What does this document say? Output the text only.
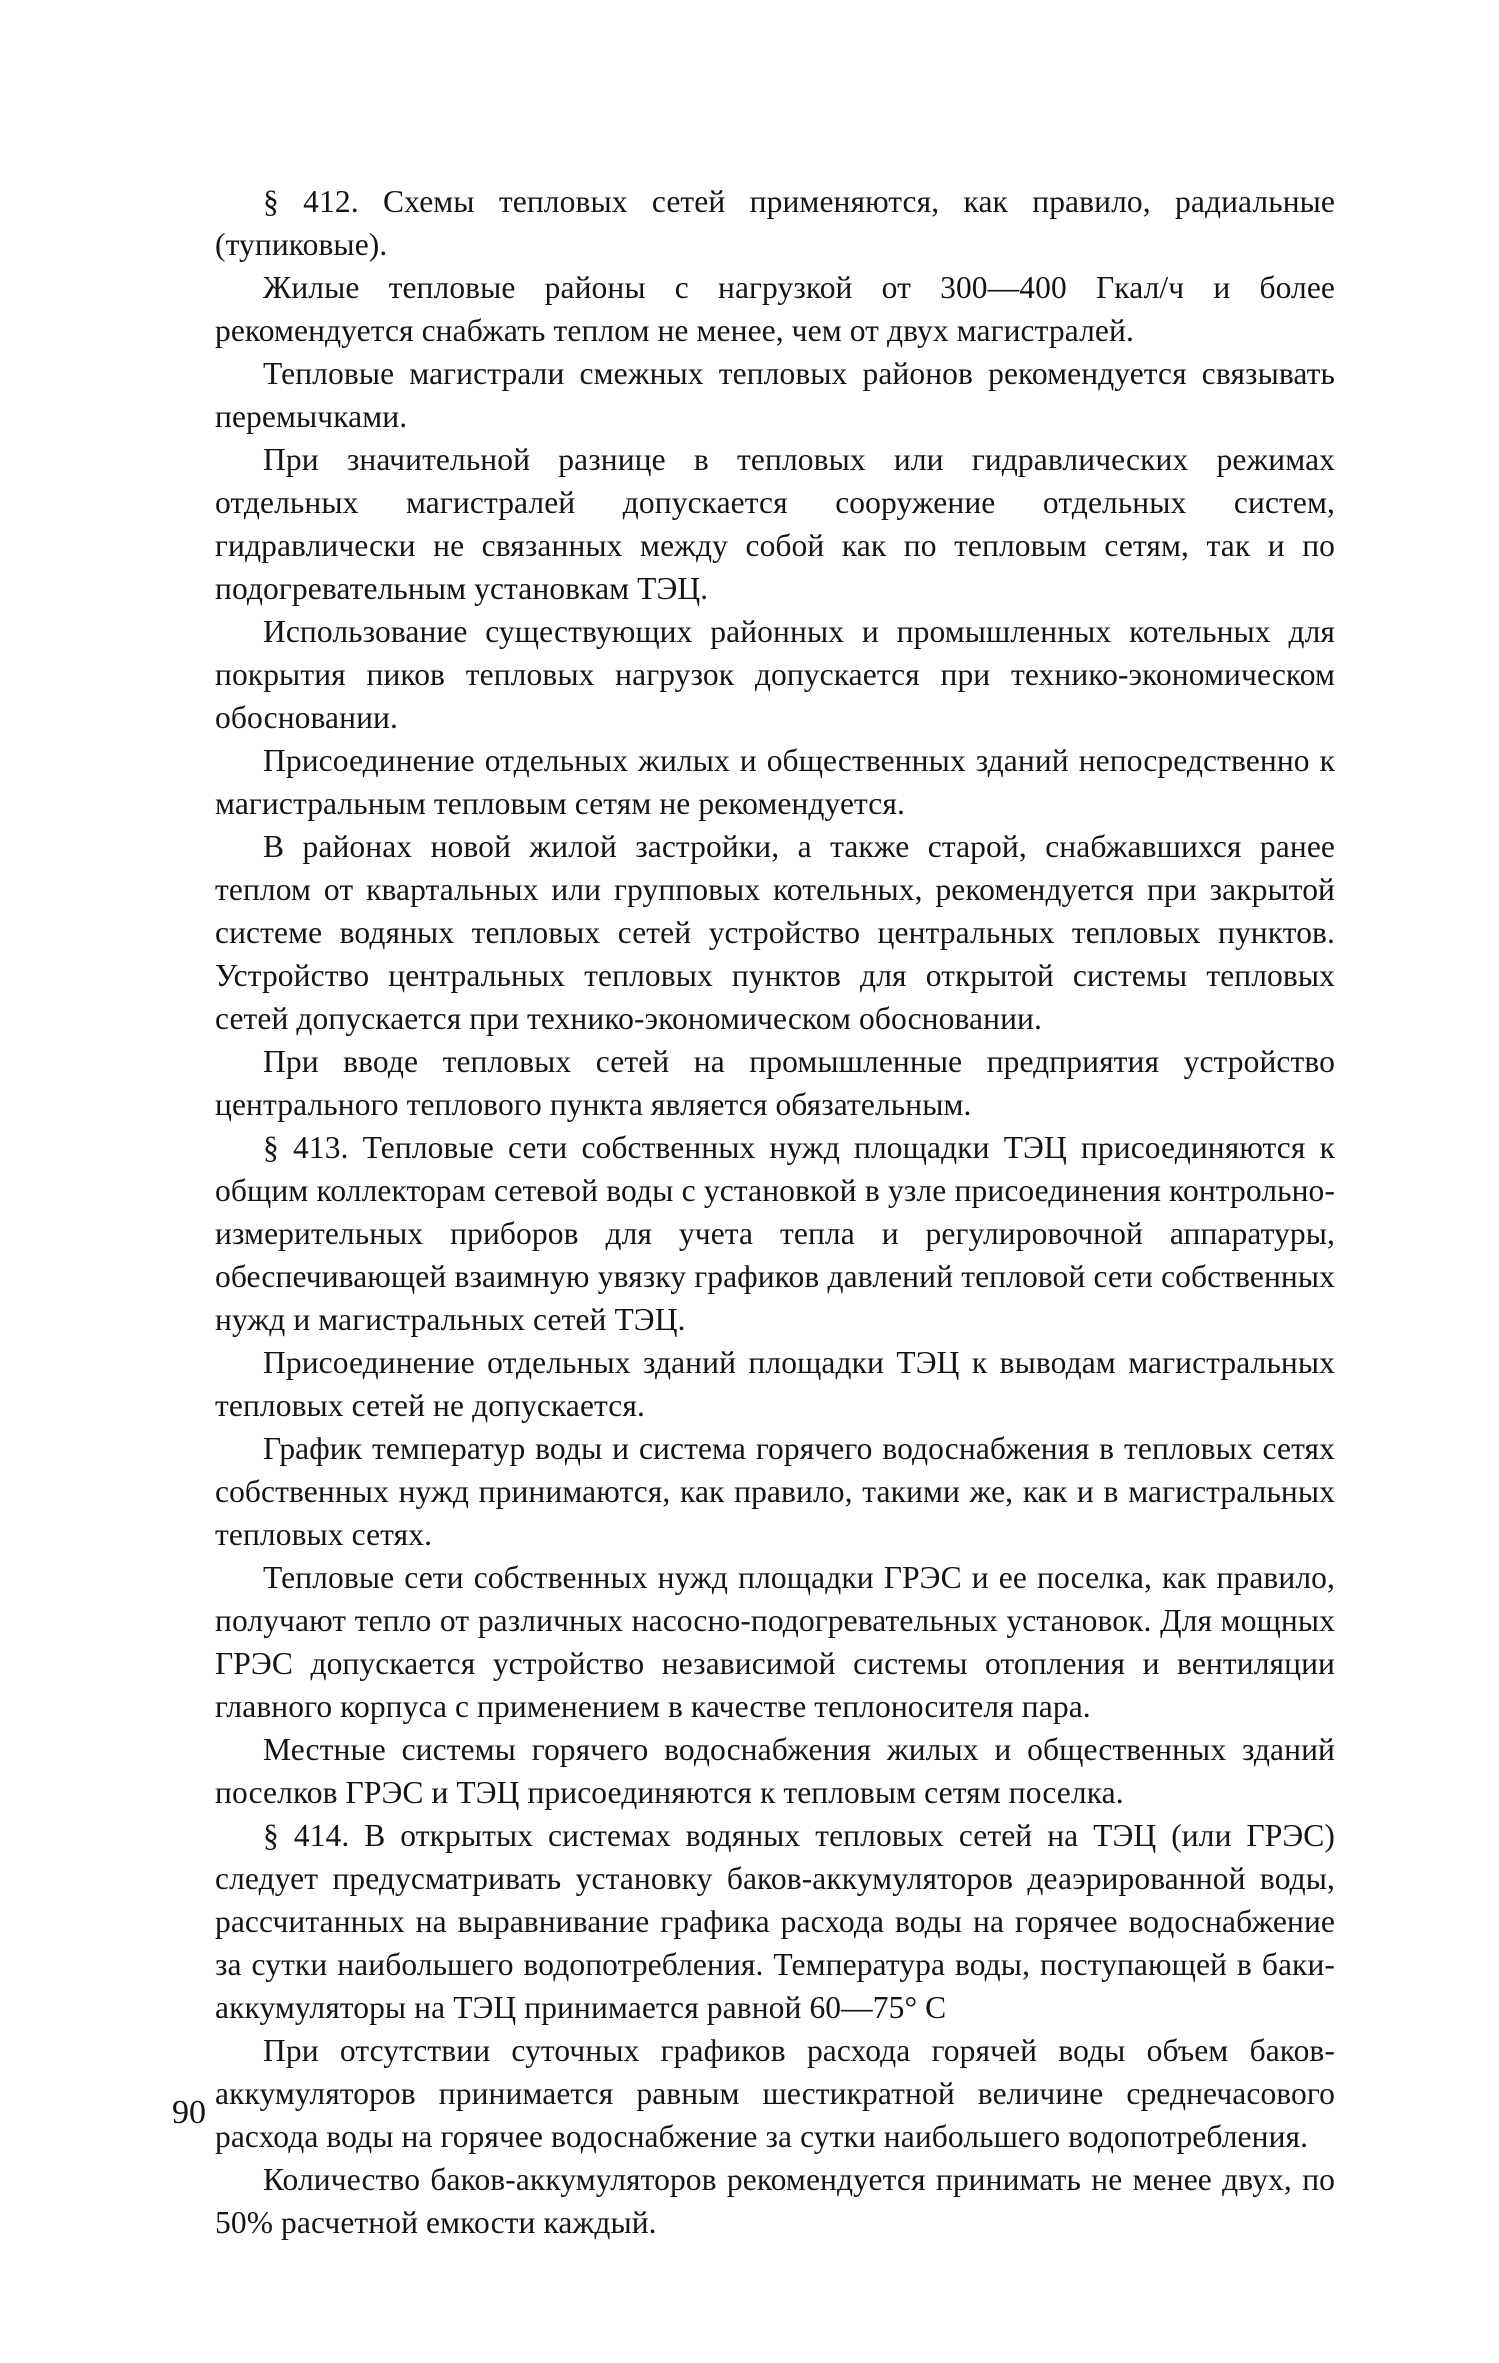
§ 412. Схемы тепловых сетей применяются, как правило, радиальные (тупиковые).

Жилые тепловые районы с нагрузкой от 300—400 Гкал/ч и более рекомендуется снабжать теплом не менее, чем от двух магистралей.

Тепловые магистрали смежных тепловых районов рекомендуется связывать перемычками.

При значительной разнице в тепловых или гидравлических режимах отдельных магистралей допускается сооружение отдельных систем, гидравлически не связанных между собой как по тепловым сетям, так и по подогревательным установкам ТЭЦ.

Использование существующих районных и промышленных котельных для покрытия пиков тепловых нагрузок допускается при технико-экономическом обосновании.

Присоединение отдельных жилых и общественных зданий непосредственно к магистральным тепловым сетям не рекомендуется.

В районах новой жилой застройки, а также старой, снабжавшихся ранее теплом от квартальных или групповых котельных, рекомендуется при закрытой системе водяных тепловых сетей устройство центральных тепловых пунктов. Устройство центральных тепловых пунктов для открытой системы тепловых сетей допускается при технико-экономическом обосновании.

При вводе тепловых сетей на промышленные предприятия устройство центрального теплового пункта является обязательным.

§ 413. Тепловые сети собственных нужд площадки ТЭЦ присоединяются к общим коллекторам сетевой воды с установкой в узле присоединения контрольно-измерительных приборов для учета тепла и регулировочной аппаратуры, обеспечивающей взаимную увязку графиков давлений тепловой сети собственных нужд и магистральных сетей ТЭЦ.

Присоединение отдельных зданий площадки ТЭЦ к выводам магистральных тепловых сетей не допускается.

График температур воды и система горячего водоснабжения в тепловых сетях собственных нужд принимаются, как правило, такими же, как и в магистральных тепловых сетях.

Тепловые сети собственных нужд площадки ГРЭС и ее поселка, как правило, получают тепло от различных насосно-подогревательных установок. Для мощных ГРЭС допускается устройство независимой системы отопления и вентиляции главного корпуса с применением в качестве теплоносителя пара.

Местные системы горячего водоснабжения жилых и общественных зданий поселков ГРЭС и ТЭЦ присоединяются к тепловым сетям поселка.

§ 414. В открытых системах водяных тепловых сетей на ТЭЦ (или ГРЭС) следует предусматривать установку баков-аккумуляторов деаэрированной воды, рассчитанных на выравнивание графика расхода воды на горячее водоснабжение за сутки наибольшего водопотребления. Температура воды, поступающей в баки-аккумуляторы на ТЭЦ принимается равной 60—75° С

При отсутствии суточных графиков расхода горячей воды объем баков-аккумуляторов принимается равным шестикратной величине среднечасового расхода воды на горячее водоснабжение за сутки наибольшего водопотребления.

Количество баков-аккумуляторов рекомендуется принимать не менее двух, по 50% расчетной емкости каждый.

90
